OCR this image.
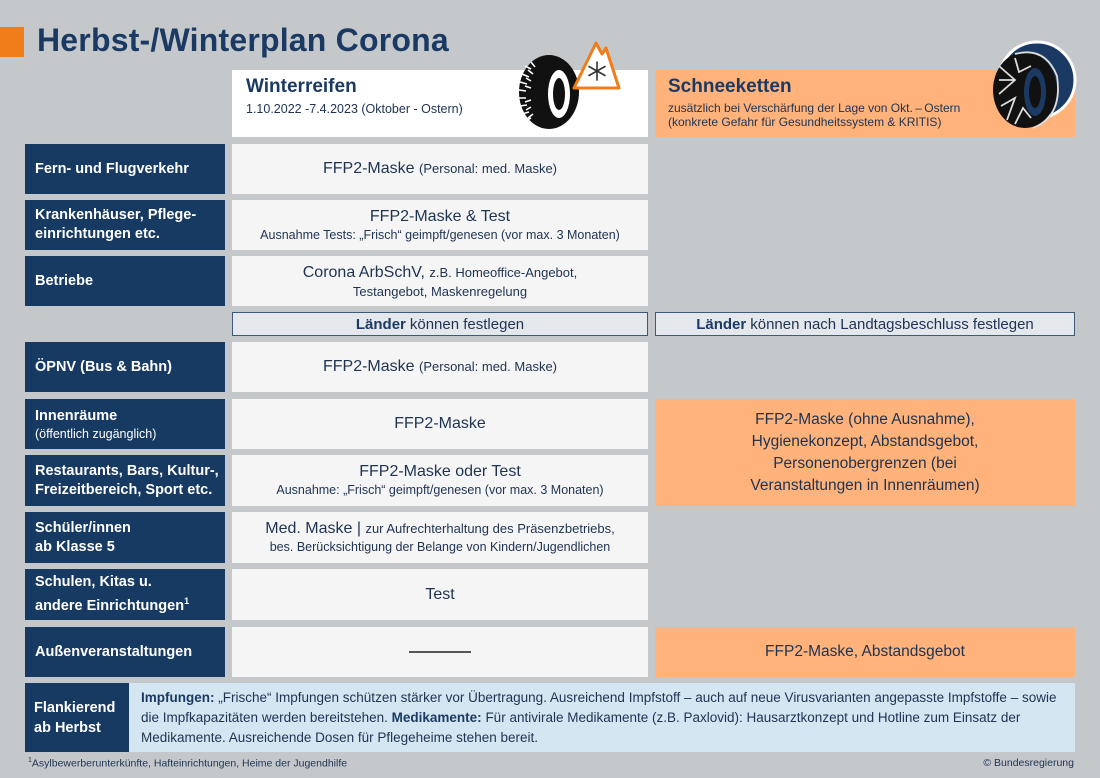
Herbst-/Winterplan Corona
Winterreifen
1.10.2022 -7.4.2023 (Oktober - Ostern)
Schneeketten
zusätzlich bei Verschärfung der Lage von Okt. – Ostern
(konkrete Gefahr für Gesundheitssystem & KRITIS)
Fern- und Flugverkehr
Krankenhäuser, Pflege-
einrichtungen etc.
Betriebe
ÖPNV (Bus & Bahn)
Innenräume
(öffentlich zugänglich)
Restaurants, Bars, Kultur-,
Freizeitbereich, Sport etc.
Schüler/innen
ab Klasse 5
Schulen, Kitas u.
andere Einrichtungen$^1$
Außenveranstaltungen
FFP2-Maske (Personal: med. Maske)
FFP2-Maske & Test
Ausnahme Tests: „Frisch“ geimpft/genesen (vor max. 3 Monaten)
Corona ArbSchV, z.B. Homeoffice-Angebot,
Testangebot, Maskenregelung
Länder können festlegen	Länder können nach Landtagsbeschluss festlegen
FFP2-Maske (Personal: med. Maske)
FFP2-Maske
FFP2-Maske oder Test
Ausnahme: „Frisch“ geimpft/genesen (vor max. 3 Monaten)
Med. Maske | zur Aufrechterhaltung des Präsenzbetriebs,
bes. Berücksichtigung der Belange von Kindern/Jugendlichen
Test
FFP2-Maske (ohne Ausnahme),
Hygienekonzept, Abstandsgebot,
Personenobergrenzen (bei
Veranstaltungen in Innenräumen)
FFP2-Maske, Abstandsgebot
Flankierend
ab Herbst
Impfungen: „Frische“ Impfungen schützen stärker vor Übertragung. Ausreichend Impfstoff – auch auf neue Virusvarianten angepasste Impfstoffe – sowie die Impfkapazitäten werden bereitstehen. Medikamente: Für antivirale Medikamente (z.B. Paxlovid): Hausarztkonzept und Hotline zum Einsatz der Medikamente. Ausreichende Dosen für Pflegeheime stehen bereit.
$^1$Asylbewerberunterkünfte, Hafteinrichtungen, Heime der Jugendhilfe	© Bundesregierung
